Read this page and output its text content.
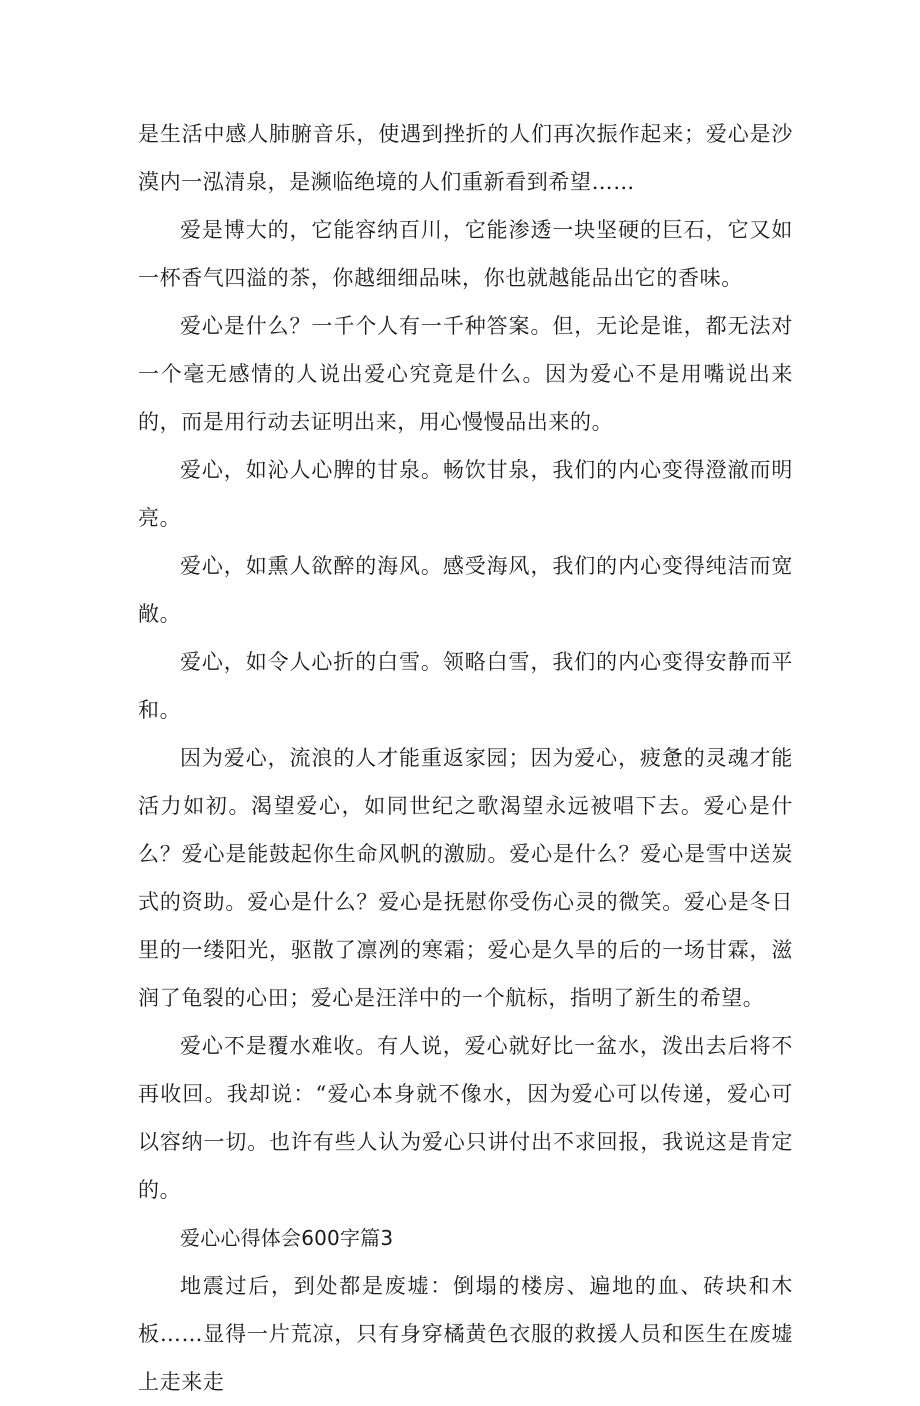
是生活中感人肺腑音乐，使遇到挫折的人们再次振作起来；爱心是沙漠内一泓清泉，是濒临绝境的人们重新看到希望……

爱是博大的，它能容纳百川，它能渗透一块坚硬的巨石，它又如一杯香气四溢的茶，你越细细品味，你也就越能品出它的香味。

爱心是什么？一千个人有一千种答案。但，无论是谁，都无法对一个毫无感情的人说出爱心究竟是什么。因为爱心不是用嘴说出来的，而是用行动去证明出来，用心慢慢品出来的。

爱心，如沁人心脾的甘泉。畅饮甘泉，我们的内心变得澄澈而明亮。

爱心，如熏人欲醉的海风。感受海风，我们的内心变得纯洁而宽敞。

爱心，如令人心折的白雪。领略白雪，我们的内心变得安静而平和。

因为爱心，流浪的人才能重返家园；因为爱心，疲惫的灵魂才能活力如初。渴望爱心，如同世纪之歌渴望永远被唱下去。爱心是什么？爱心是能鼓起你生命风帆的激励。爱心是什么？爱心是雪中送炭式的资助。爱心是什么？爱心是抚慰你受伤心灵的微笑。爱心是冬日里的一缕阳光，驱散了凛冽的寒霜；爱心是久旱的后的一场甘霖，滋润了龟裂的心田；爱心是汪洋中的一个航标，指明了新生的希望。

爱心不是覆水难收。有人说，爱心就好比一盆水，泼出去后将不再收回。我却说：“爱心本身就不像水，因为爱心可以传递，爱心可以容纳一切。也许有些人认为爱心只讲付出不求回报，我说这是肯定的。

爱心心得体会600字篇3

地震过后，到处都是废墟：倒塌的楼房、遍地的血、砖块和木板……显得一片荒凉，只有身穿橘黄色衣服的救援人员和医生在废墟上走来走
